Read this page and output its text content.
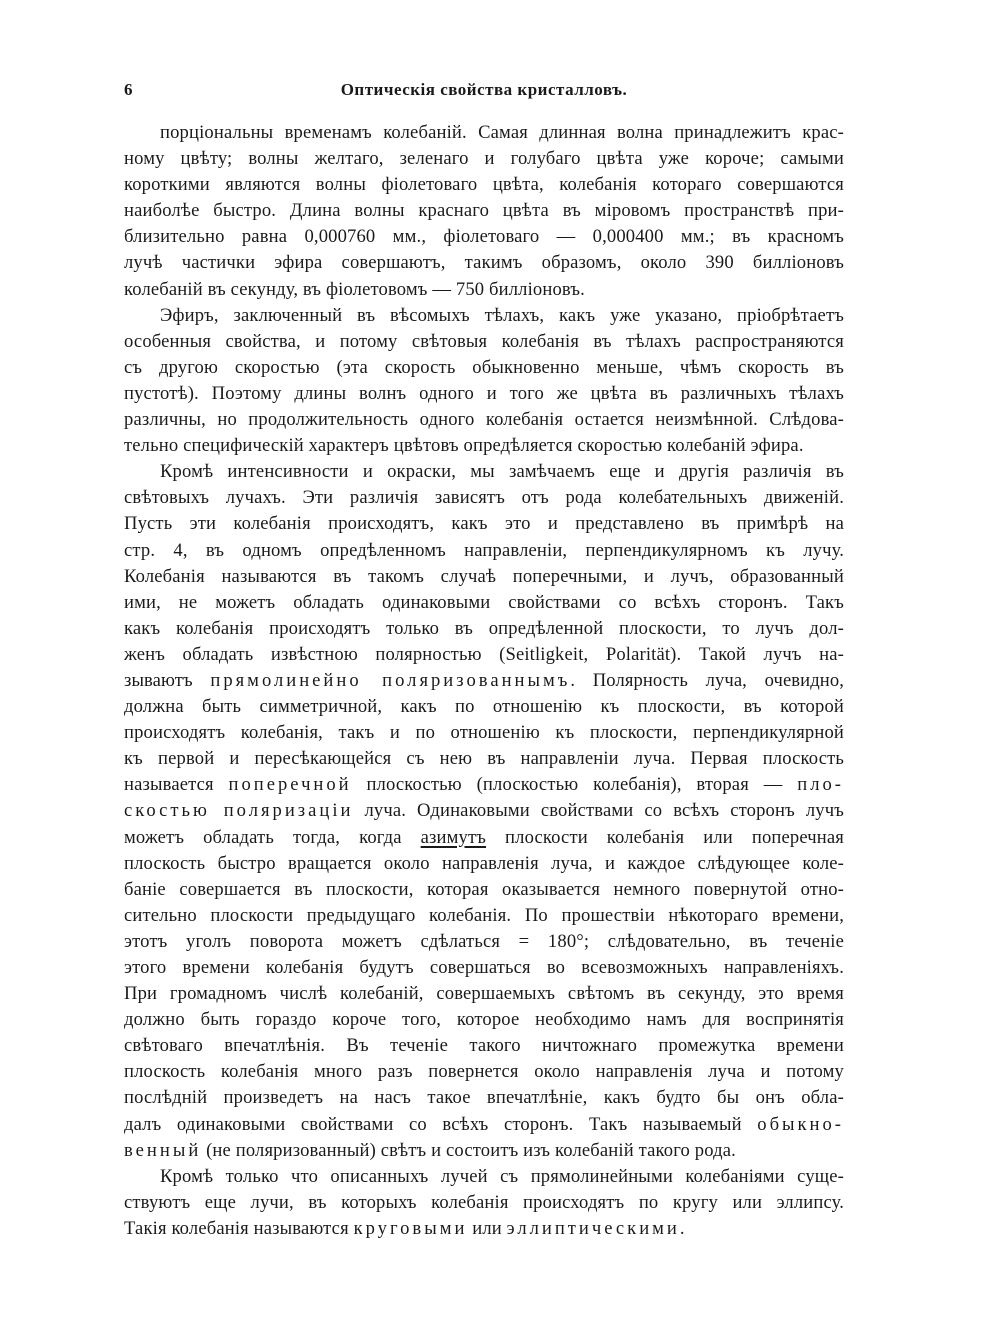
6	Оптическія свойства кристалловъ.

порціональны временамъ колебаній. Самая длинная волна принадлежитъ крас-
ному цвѣту; волны желтаго, зеленаго и голубаго цвѣта уже короче; самыми
короткими являются волны фіолетоваго цвѣта, колебанія котораго совершаются
наиболѣе быстро. Длина волны краснаго цвѣта въ міровомъ пространствѣ при-
близительно равна 0,000760 мм., фіолетоваго — 0,000400 мм.; въ красномъ
лучѣ частички эфира совершаютъ, такимъ образомъ, около 390 билліоновъ
колебаній въ секунду, въ фіолетовомъ — 750 билліоновъ.

Эфиръ, заключенный въ вѣсомыхъ тѣлахъ, какъ уже указано, пріобрѣтаетъ
особенныя свойства, и потому свѣтовыя колебанія въ тѣлахъ распространяются
съ другою скоростью (эта скорость обыкновенно меньше, чѣмъ скорость въ
пустотѣ). Поэтому длины волнъ одного и того же цвѣта въ различныхъ тѣлахъ
различны, но продолжительность одного колебанія остается неизмѣнной. Слѣдова-
тельно специфическій характеръ цвѣтовъ опредѣляется скоростью колебаній эфира.

Кромѣ интенсивности и окраски, мы замѣчаемъ еще и другія различія въ
свѣтовыхъ лучахъ. Эти различія зависятъ отъ рода колебательныхъ движеній.
Пусть эти колебанія происходятъ, какъ это и представлено въ примѣрѣ на
стр. 4, въ одномъ опредѣленномъ направленіи, перпендикулярномъ къ лучу.
Колебанія называются въ такомъ случаѣ поперечными, и лучъ, образованный
ими, не можетъ обладать одинаковыми свойствами со всѣхъ сторонъ. Такъ
какъ колебанія происходятъ только въ опредѣленной плоскости, то лучъ дол-
женъ обладать извѣстною полярностью (Seitligkeit, Polarität). Такой лучъ на-
зываютъ прямолинейно поляризованнымъ. Полярность луча, очевидно,
должна быть симметричной, какъ по отношенію къ плоскости, въ которой
происходятъ колебанія, такъ и по отношенію къ плоскости, перпендикулярной
къ первой и пересѣкающейся съ нею въ направленіи луча. Первая плоскость
называется поперечной плоскостью (плоскостью колебанія), вторая — пло-
скостью поляризаціи луча. Одинаковыми свойствами со всѣхъ сторонъ лучъ
можетъ обладать тогда, когда азимутъ плоскости колебанія или поперечная
плоскость быстро вращается около направленія луча, и каждое слѣдующее коле-
баніе совершается въ плоскости, которая оказывается немного повернутой отно-
сительно плоскости предыдущаго колебанія. По прошествіи нѣкотораго времени,
этотъ уголъ поворота можетъ сдѣлаться = 180°; слѣдовательно, въ теченіе
этого времени колебанія будутъ совершаться во всевозможныхъ направленіяхъ.
При громадномъ числѣ колебаній, совершаемыхъ свѣтомъ въ секунду, это время
должно быть гораздо короче того, которое необходимо намъ для воспринятія
свѣтоваго впечатлѣнія. Въ теченіе такого ничтожнаго промежутка времени
плоскость колебанія много разъ повернется около направленія луча и потому
послѣдній произведетъ на насъ такое впечатлѣніе, какъ будто бы онъ обла-
далъ одинаковыми свойствами со всѣхъ сторонъ. Такъ называемый обыкно-
венный (не поляризованный) свѣтъ и состоитъ изъ колебаній такого рода.

Кромѣ только что описанныхъ лучей съ прямолинейными колебаніями суще-
ствуютъ еще лучи, въ которыхъ колебанія происходятъ по кругу или эллипсу.
Такія колебанія называются круговыми или эллиптическими.
